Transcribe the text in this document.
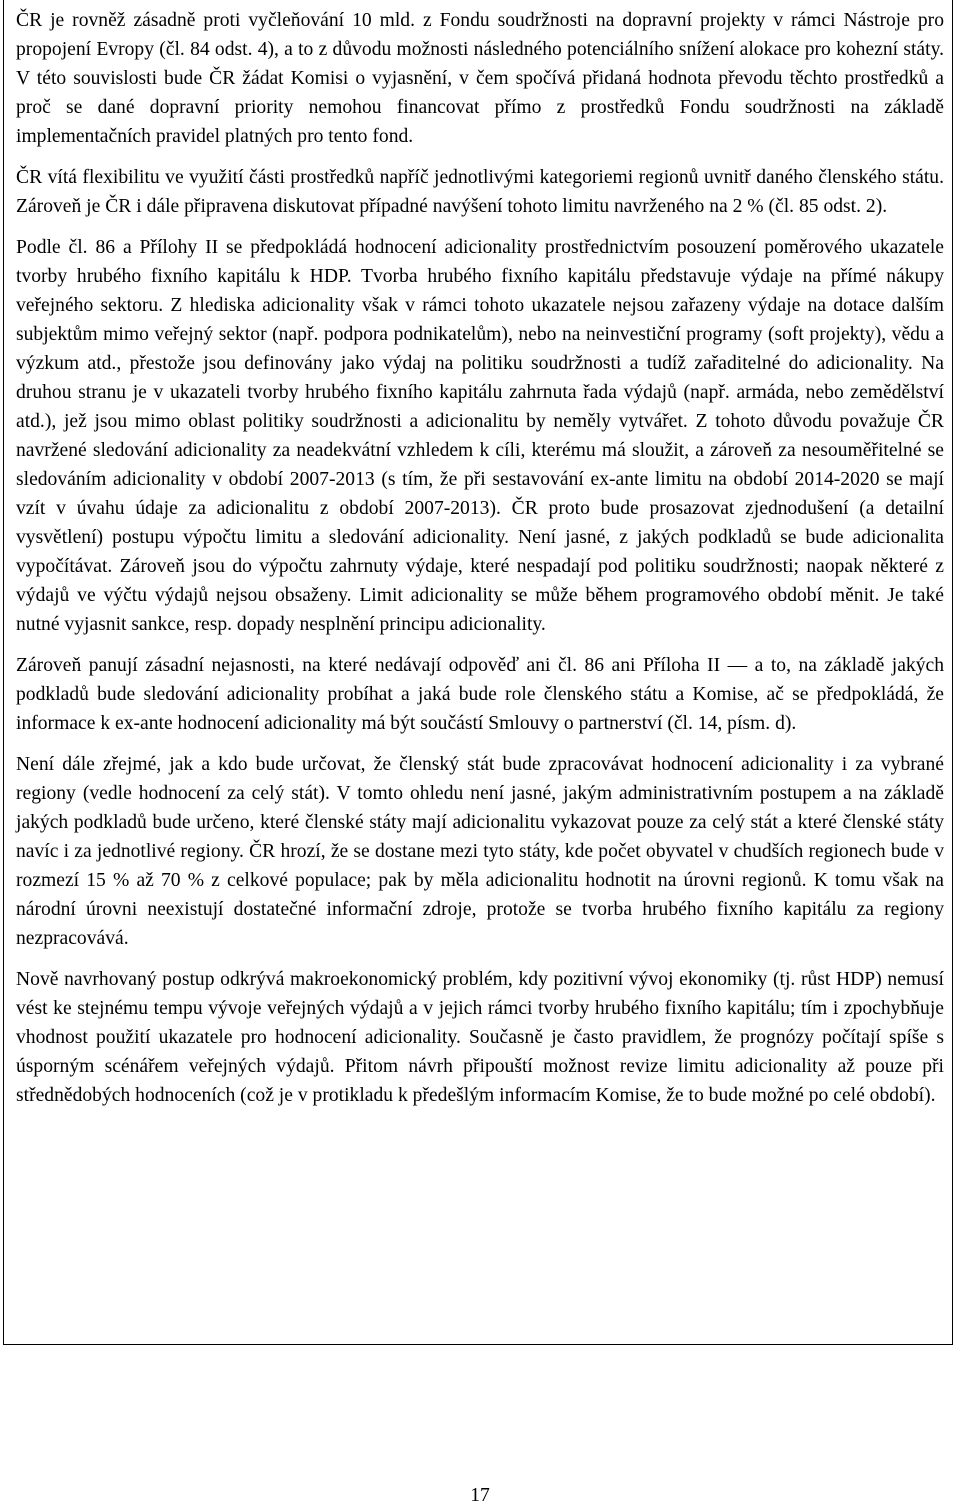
ČR je rovněž zásadně proti vyčleňování 10 mld. z Fondu soudržnosti na dopravní projekty v rámci Nástroje pro propojení Evropy (čl. 84 odst. 4), a to z důvodu možnosti následného potenciálního snížení alokace pro kohezní státy. V této souvislosti bude ČR žádat Komisi o vyjasnění, v čem spočívá přidaná hodnota převodu těchto prostředků a proč se dané dopravní priority nemohou financovat přímo z prostředků Fondu soudržnosti na základě implementačních pravidel platných pro tento fond.

ČR vítá flexibilitu ve využití části prostředků napříč jednotlivými kategoriemi regionů uvnitř daného členského státu. Zároveň je ČR i dále připravena diskutovat případné navýšení tohoto limitu navrženého na 2 % (čl. 85 odst. 2).

Podle čl. 86 a Přílohy II se předpokládá hodnocení adicionality prostřednictvím posouzení poměrového ukazatele tvorby hrubého fixního kapitálu k HDP. Tvorba hrubého fixního kapitálu představuje výdaje na přímé nákupy veřejného sektoru. Z hlediska adicionality však v rámci tohoto ukazatele nejsou zařazeny výdaje na dotace dalším subjektům mimo veřejný sektor (např. podpora podnikatelům), nebo na neinvestiční programy (soft projekty), vědu a výzkum atd., přestože jsou definovány jako výdaj na politiku soudržnosti a tudíž zařaditelné do adicionality. Na druhou stranu je v ukazateli tvorby hrubého fixního kapitálu zahrnuta řada výdajů (např. armáda, nebo zemědělství atd.), jež jsou mimo oblast politiky soudržnosti a adicionalitu by neměly vytvářet. Z tohoto důvodu považuje ČR navržené sledování adicionality za neadekvátní vzhledem k cíli, kterému má sloužit, a zároveň za nesouměřitelné se sledováním adicionality v období 2007-2013 (s tím, že při sestavování ex-ante limitu na období 2014-2020 se mají vzít v úvahu údaje za adicionalitu z období 2007-2013). ČR proto bude prosazovat zjednodušení (a detailní vysvětlení) postupu výpočtu limitu a sledování adicionality. Není jasné, z jakých podkladů se bude adicionalita vypočítávat. Zároveň jsou do výpočtu zahrnuty výdaje, které nespadají pod politiku soudržnosti; naopak některé z výdajů ve výčtu výdajů nejsou obsaženy. Limit adicionality se může během programového období měnit. Je také nutné vyjasnit sankce, resp. dopady nesplnění principu adicionality.

Zároveň panují zásadní nejasnosti, na které nedávají odpověď ani čl. 86 ani Příloha II — a to, na základě jakých podkladů bude sledování adicionality probíhat a jaká bude role členského státu a Komise, ač se předpokládá, že informace k ex-ante hodnocení adicionality má být součástí Smlouvy o partnerství (čl. 14, písm. d).

Není dále zřejmé, jak a kdo bude určovat, že členský stát bude zpracovávat hodnocení adicionality i za vybrané regiony (vedle hodnocení za celý stát). V tomto ohledu není jasné, jakým administrativním postupem a na základě jakých podkladů bude určeno, které členské státy mají adicionalitu vykazovat pouze za celý stát a které členské státy navíc i za jednotlivé regiony. ČR hrozí, že se dostane mezi tyto státy, kde počet obyvatel v chudších regionech bude v rozmezí 15 % až 70 % z celkové populace; pak by měla adicionalitu hodnotit na úrovni regionů. K tomu však na národní úrovni neexistují dostatečné informační zdroje, protože se tvorba hrubého fixního kapitálu za regiony nezpracovává.

Nově navrhovaný postup odkrývá makroekonomický problém, kdy pozitivní vývoj ekonomiky (tj. růst HDP) nemusí vést ke stejnému tempu vývoje veřejných výdajů a v jejich rámci tvorby hrubého fixního kapitálu; tím i zpochybňuje vhodnost použití ukazatele pro hodnocení adicionality. Současně je často pravidlem, že prognózy počítají spíše s úsporným scénářem veřejných výdajů. Přitom návrh připouští možnost revize limitu adicionality až pouze při střednědobých hodnoceních (což je v protikladu k předešlým informacím Komise, že to bude možné po celé období).

17
